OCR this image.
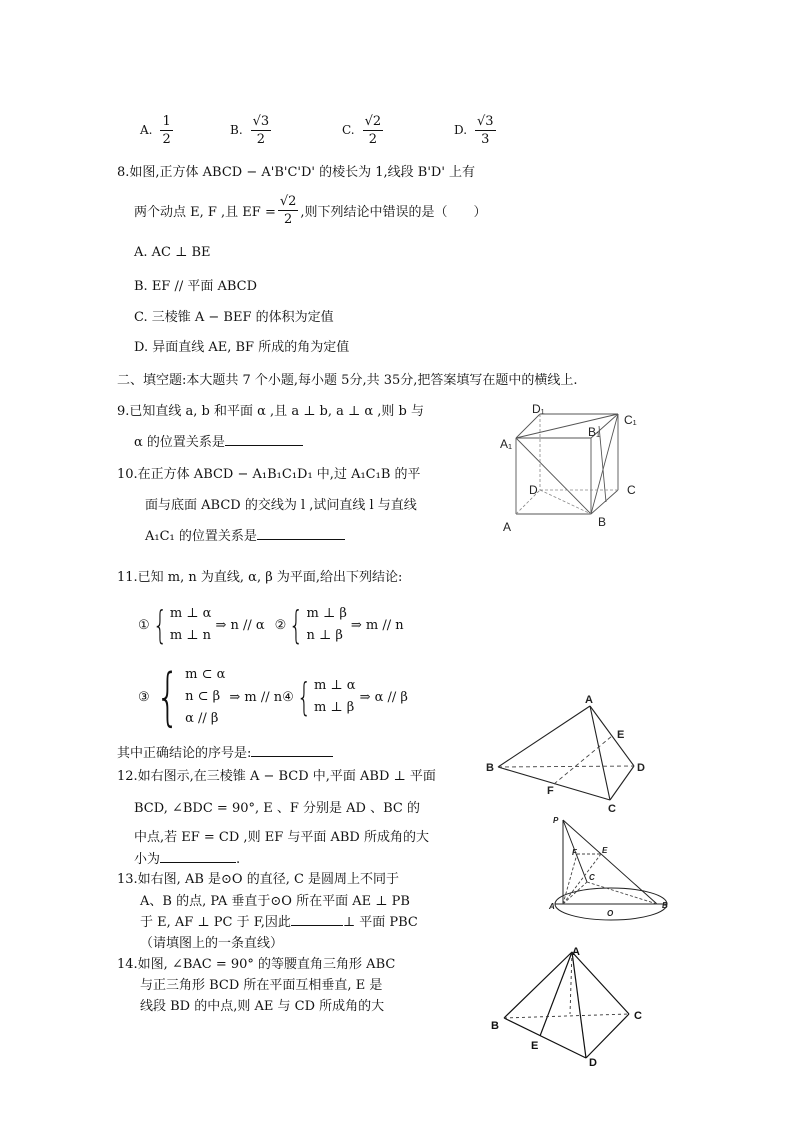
A. $\frac{1}{2}$	B. $\frac{√3}{2}$	C. $\frac{√2}{2}$	D. $\frac{√3}{3}$
8.如图,正方体 ABCD − A'B'C'D' 的棱长为 1,线段 B'D' 上有
两个动点 E, F ,且 EF = $\frac{√2}{2}$ ,则下列结论中错误的是（　　）
A. AC ⊥ BE
B. EF // 平面 ABCD
C. 三棱锥 A − BEF 的体积为定值
D. 异面直线 AE, BF 所成的角为定值
二、填空题:本大题共 7 个小题,每小题 5分,共 35分,把答案填写在题中的横线上.
9.已知直线 a, b 和平面 α ,且 a ⊥ b, a ⊥ α ,则 b 与
α 的位置关系是
10.在正方体 ABCD − A₁B₁C₁D₁ 中,过 A₁C₁B 的平
面与底面 ABCD 的交线为 l ,试问直线 l 与直线
A₁C₁ 的位置关系是
D₁
C₁
A₁
B₁
D	C
A	B
11.已知 m, n 为直线, α, β 为平面,给出下列结论:
① { m ⊥ α
m ⊥ n
⇒ n // α ② { m ⊥ β
n ⊥ β
⇒ m // n
③ { m ⊂ α
n ⊂ β
α // β
⇒ m // n ④ { m ⊥ α
m ⊥ β
⇒ α // β
其中正确结论的序号是:
12.如右图示,在三棱锥 A − BCD 中,平面 ABD ⊥ 平面
BCD, ∠BDC = 90°, E 、F 分别是 AD 、BC 的
中点,若 EF = CD ,则 EF 与平面 ABD 所成角的大
小为	.
A
E
B	D
F
C
13.如右图, AB 是⊙O 的直径, C 是圆周上不同于
A、B 的点, PA 垂直于⊙O 所在平面 AE ⊥ PB
于 E, AF ⊥ PC 于 F,因此	⊥ 平面 PBC
（请填图上的一条直线）
P
F	E
C
A
O
B
14.如图, ∠BAC = 90° 的等腰直角三角形 ABC
与正三角形 BCD 所在平面互相垂直, E 是
线段 BD 的中点,则 AE 与 CD 所成角的大
A
B
C
E
D
